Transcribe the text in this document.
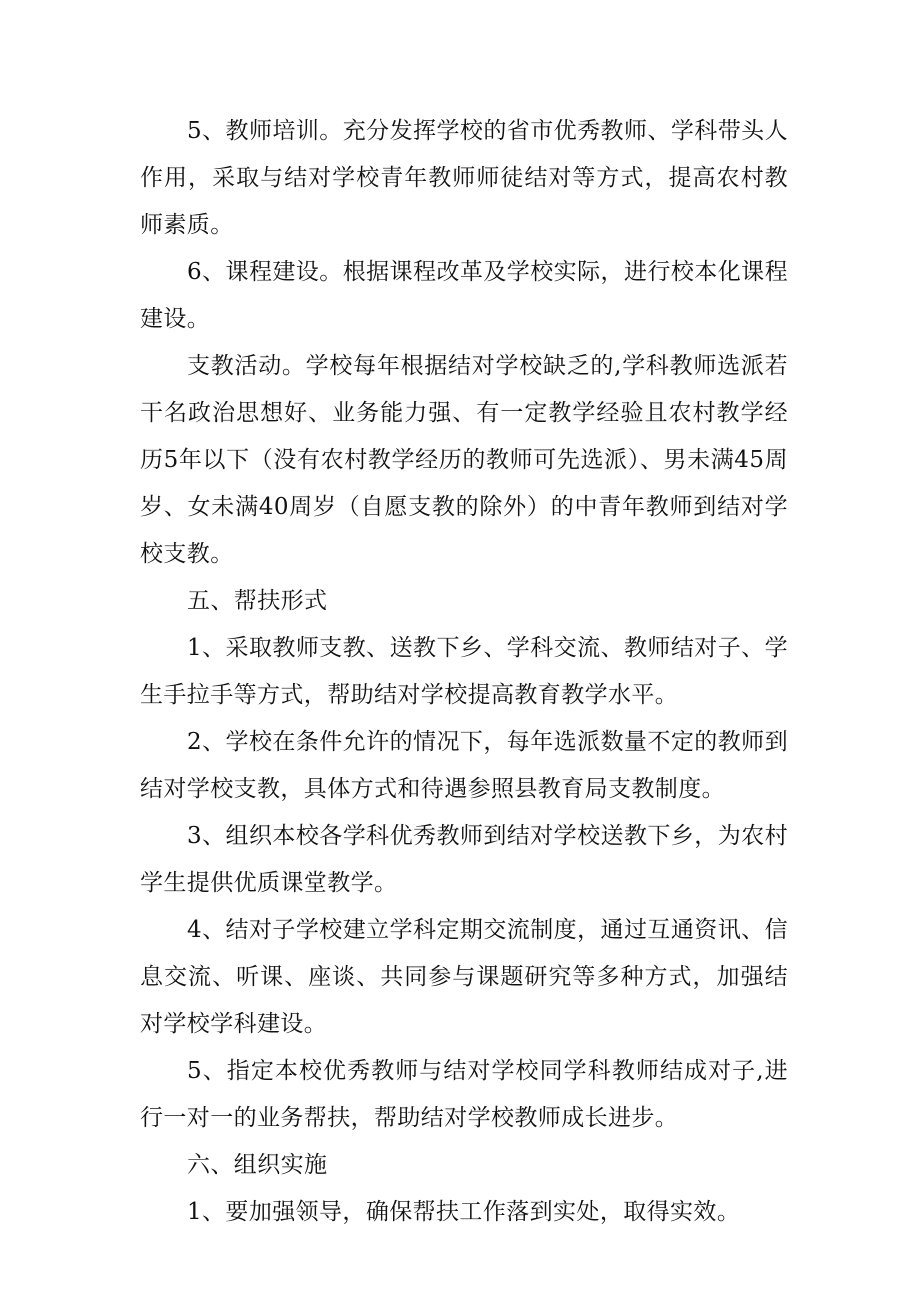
5、教师培训。充分发挥学校的省市优秀教师、学科带头人作用，采取与结对学校青年教师师徒结对等方式，提高农村教师素质。

6、课程建设。根据课程改革及学校实际，进行校本化课程建设。

支教活动。学校每年根据结对学校缺乏的,学科教师选派若干名政治思想好、业务能力强、有一定教学经验且农村教学经历5年以下（没有农村教学经历的教师可先选派）、男未满45周岁、女未满40周岁（自愿支教的除外）的中青年教师到结对学校支教。

五、帮扶形式

1、采取教师支教、送教下乡、学科交流、教师结对子、学生手拉手等方式，帮助结对学校提高教育教学水平。

2、学校在条件允许的情况下，每年选派数量不定的教师到结对学校支教，具体方式和待遇参照县教育局支教制度。

3、组织本校各学科优秀教师到结对学校送教下乡，为农村学生提供优质课堂教学。

4、结对子学校建立学科定期交流制度，通过互通资讯、信息交流、听课、座谈、共同参与课题研究等多种方式，加强结对学校学科建设。

5、指定本校优秀教师与结对学校同学科教师结成对子,进行一对一的业务帮扶，帮助结对学校教师成长进步。

六、组织实施

1、要加强领导，确保帮扶工作落到实处，取得实效。
